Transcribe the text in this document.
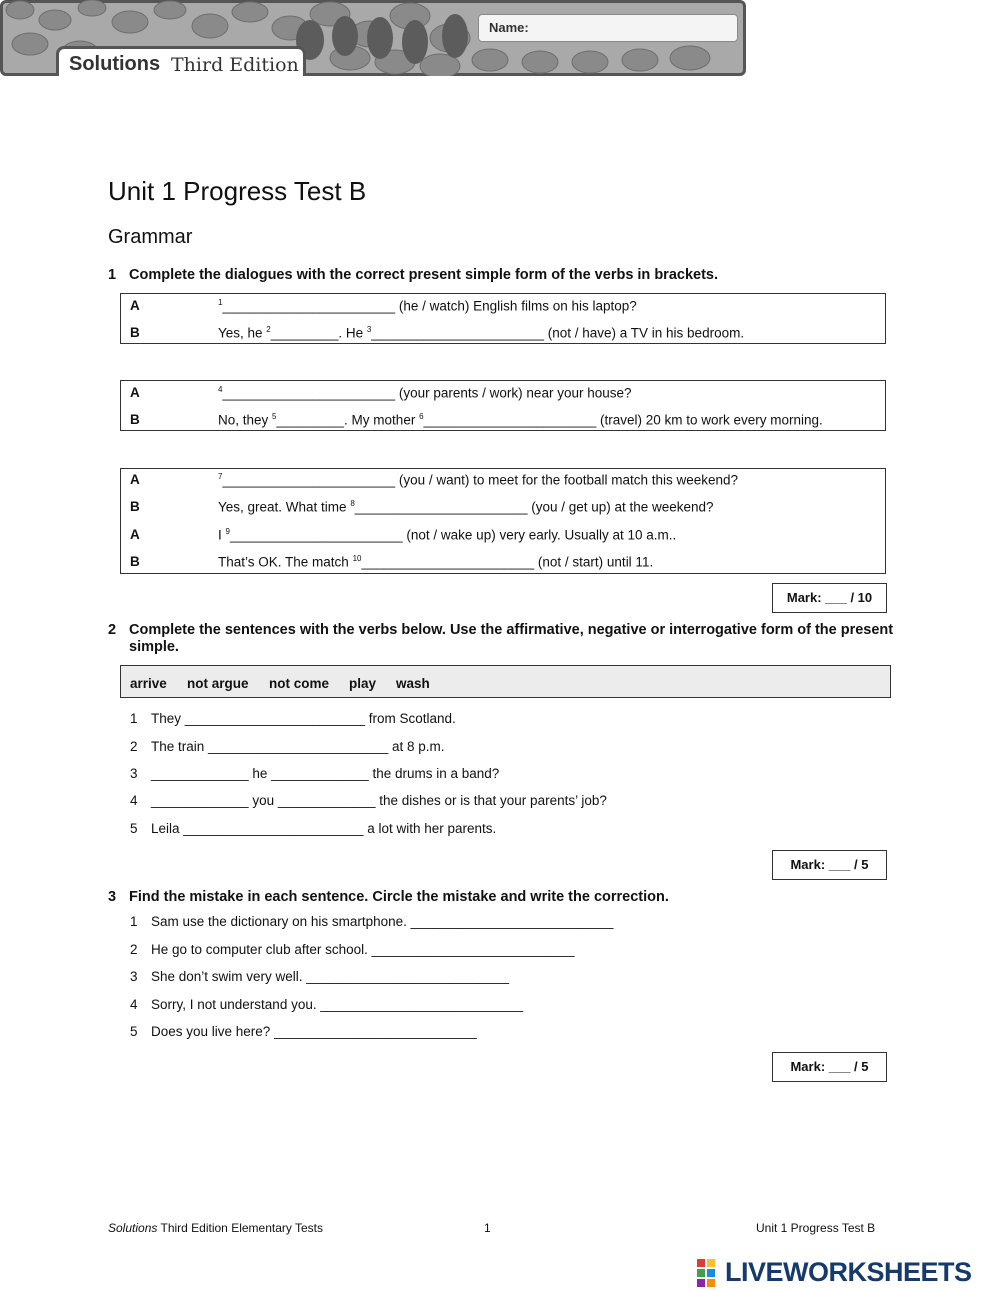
Name:
Solutions Third Edition
Unit 1 Progress Test B
Grammar
1 Complete the dialogues with the correct present simple form of the verbs in brackets.
A	$^1$_______________________ (he / watch) English films on his laptop?
B	Yes, he $^2$_________. He $^3$_______________________ (not / have) a TV in his bedroom.
A	$^4$_______________________ (your parents / work) near your house?
B	No, they $^5$_________. My mother $^6$_______________________ (travel) 20 km to work every morning.
A	$^7$_______________________ (you / want) to meet for the football match this weekend?
B	Yes, great. What time $^8$_______________________ (you / get up) at the weekend?
A	I $^9$_______________________ (not / wake up) very early. Usually at 10 a.m..
B	That’s OK. The match $^{10}$_______________________ (not / start) until 11.
Mark: ___ / 10
2 Complete the sentences with the verbs below. Use the affirmative, negative or interrogative form of the present simple.
arrive not argue not come play wash
1 They ________________________ from Scotland.
2 The train ________________________ at 8 p.m.
3 _____________ he _____________ the drums in a band?
4 _____________ you _____________ the dishes or is that your parents’ job?
5 Leila ________________________ a lot with her parents.
Mark: ___ / 5
3 Find the mistake in each sentence. Circle the mistake and write the correction.
1 Sam use the dictionary on his smartphone. ___________________________
2 He go to computer club after school. ___________________________
3 She don’t swim very well. ___________________________
4 Sorry, I not understand you. ___________________________
5 Does you live here? ___________________________
Mark: ___ / 5
Solutions Third Edition Elementary Tests	1	Unit 1 Progress Test B
LIVEWORKSHEETS
